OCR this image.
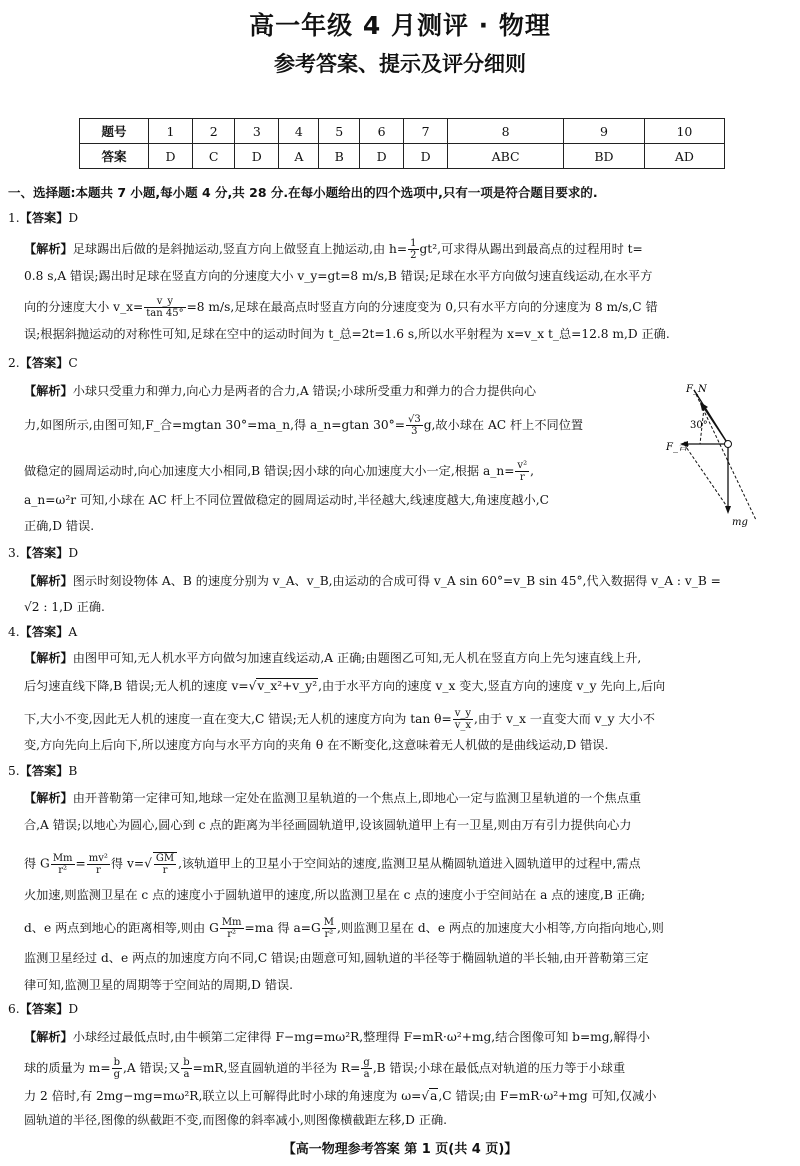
高一年级 4 月测评 · 物理
参考答案、提示及评分细则
题号	1	2	3	4	5	6	7	8	9	10
答案	D	C	D	A	B	D	D	ABC	BD	AD
一、选择题:本题共 7 小题,每小题 4 分,共 28 分.在每小题给出的四个选项中,只有一项是符合题目要求的.
1.【答案】D
【解析】足球踢出后做的是斜抛运动,竖直方向上做竖直上抛运动,由 $h= \frac{1}{2} gt^2$,可求得从踢出到最高点的过程用时 t=
0.8 s,A 错误;踢出时足球在竖直方向的分速度大小 v_y=gt=8 m/s,B 错误;足球在水平方向做匀速直线运动,在水平方
向的分速度大小 v_x= $\frac{v\_y}{\tan 45^\circ} =8$ m/s,足球在最高点时竖直方向的分速度变为 0,只有水平方向的分速度为 8 m/s,C 错
误;根据斜抛运动的对称性可知,足球在空中的运动时间为 t_总=2t=1.6 s,所以水平射程为 x=v_x t_总=12.8 m,D 正确.
2.【答案】C
【解析】小球只受重力和弹力,向心力是两者的合力,A 错误;小球所受重力和弹力的合力提供向心
力,如图所示,由图可知,F_合=mgtan 30°=ma_n,得 a_n=gtan $30^\circ= \frac{√3}{3} g$,故小球在 AC 杆上不同位置
做稳定的圆周运动时,向心加速度大小相同,B 错误;因小球的向心加速度大小一定,根据 a_n= $\frac{\text{v²}}{r}$ ,
a_n=ω²r 可知,小球在 AC 杆上不同位置做稳定的圆周运动时,半径越大,线速度越大,角速度越小,C
正确,D 错误.
F_N
30°
F_合
mg
3.【答案】D
【解析】图示时刻设物体 A、B 的速度分别为 v_A、v_B,由运动的合成可得 v_A sin 60°=v_B sin 45°,代入数据得 v_A : v_B =
√2 : 1,D 正确.
4.【答案】A
【解析】由图甲可知,无人机水平方向做匀加速直线运动,A 正确;由题图乙可知,无人机在竖直方向上先匀速直线上升,
后匀速直线下降,B 错误;无人机的速度 v=√v_x²+v_y²,由于水平方向的速度 v_x 变大,竖直方向的速度 v_y 先向上,后向
下,大小不变,因此无人机的速度一直在变大,C 错误;无人机的速度方向为 $\tan \theta= \frac{v\_y}{v\_x}$ ,由于 v_x 一直变大而 v_y 大小不
变,方向先向上后向下,所以速度方向与水平方向的夹角 θ 在不断变化,这意味着无人机做的是曲线运动,D 错误.
5.【答案】B
【解析】由开普勒第一定律可知,地球一定处在监测卫星轨道的一个焦点上,即地心一定与监测卫星轨道的一个焦点重
合,A 错误;以地心为圆心,圆心到 c 点的距离为半径画圆轨道甲,设该圆轨道甲上有一卫星,则由万有引力提供向心力
得 G $\frac{Mm}{\text{r²}} = \frac{\text{mv²}}{r}$ 得 $v=√ \frac{GM}{r}$ ,该轨道甲上的卫星小于空间站的速度,监测卫星从椭圆轨道进入圆轨道甲的过程中,需点
火加速,则监测卫星在 c 点的速度小于圆轨道甲的速度,所以监测卫星在 c 点的速度小于空间站在 a 点的速度,B 正确;
d、e 两点到地心的距离相等,则由 G $\frac{Mm}{\text{r²}} =ma$ 得 $a=G \frac{M}{\text{r²}}$ ,则监测卫星在 d、e 两点的加速度大小相等,方向指向地心,则
监测卫星经过 d、e 两点的加速度方向不同,C 错误;由题意可知,圆轨道的半径等于椭圆轨道的半长轴,由开普勒第三定
律可知,监测卫星的周期等于空间站的周期,D 错误.
6.【答案】D
【解析】小球经过最低点时,由牛顿第二定律得 F−mg=mω²R,整理得 F=mR·ω²+mg,结合图像可知 b=mg,解得小
球的质量为 $m= \frac{b}{g} ,A$ 错误;又 $\frac{b}{a} =mR$,竖直圆轨道的半径为 $R= \frac{g}{a} ,B$ 错误;小球在最低点对轨道的压力等于小球重
力 2 倍时,有 2mg−mg=mω²R,联立以上可解得此时小球的角速度为 ω=√a,C 错误;由 F=mR·ω²+mg 可知,仅减小
圆轨道的半径,图像的纵截距不变,而图像的斜率减小,则图像横截距左移,D 正确.
【高一物理参考答案 第 1 页(共 4 页)】
